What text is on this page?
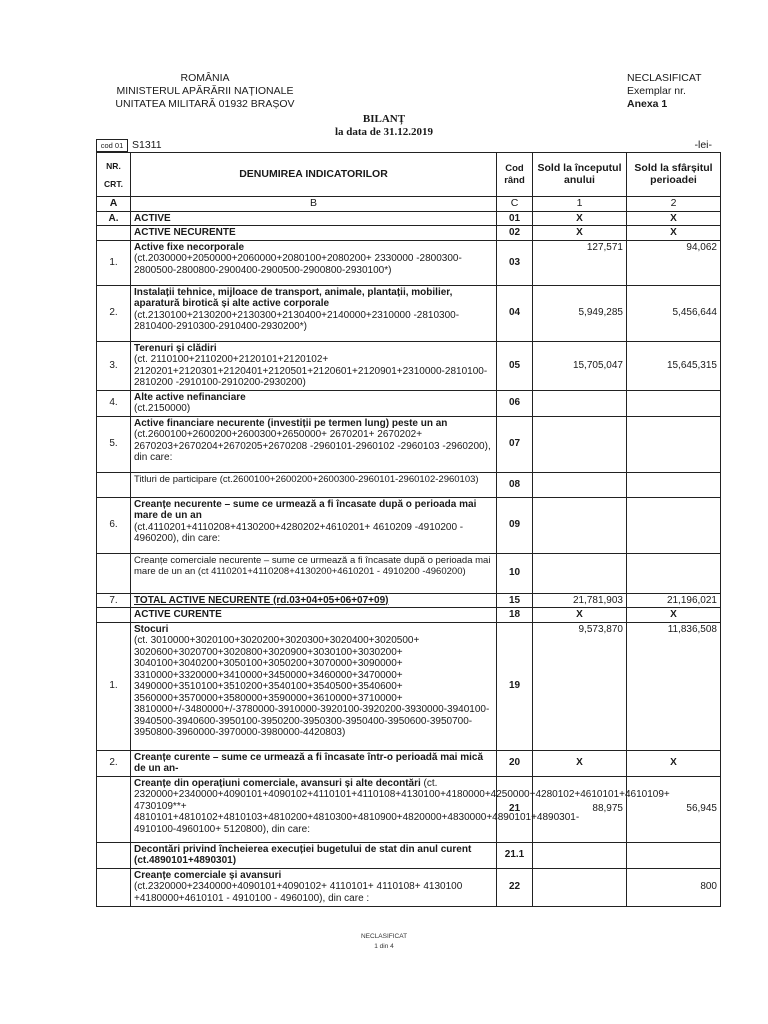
ROMÂNIA
MINISTERUL APĂRĂRII NAȚIONALE
UNITATEA MILITARĂ 01932 BRAȘOV
NECLASIFICAT
Exemplar nr.
Anexa 1
BILANȚ
la data de 31.12.2019
cod 01 S1311	-lei-
NR.
CRT.	DENUMIREA INDICATORILOR	Cod rând	Sold la începutul anului	Sold la sfârșitul perioadei
A	B	C	1	2
A.	ACTIVE	01	X	X
	ACTIVE NECURENTE	02	X	X
1.	Active fixe necorporale
(ct.2030000+2050000+2060000+2080100+2080200+ 2330000 -2800300-2800500-2800800-2900400-2900500-2900800-2930100*)	03	127,571	94,062
2.	Instalații tehnice, mijloace de transport, animale, plantații, mobilier, aparatură birotică și alte active corporale
(ct.2130100+2130200+2130300+2130400+2140000+2310000 -2810300-2810400-2910300-2910400-2930200*)	04	5,949,285	5,456,644
3.	Terenuri și clădiri
(ct. 2110100+2110200+2120101+2120102+ 2120201+2120301+2120401+2120501+2120601+2120901+2310000-2810100-2810200 -2910100-2910200-2930200)	05	15,705,047	15,645,315
4.	Alte active nefinanciare
(ct.2150000)	06		
5.	Active financiare necurente (investiții pe termen lung) peste un an
(ct.2600100+2600200+2600300+2650000+ 2670201+ 2670202+ 2670203+2670204+2670205+2670208 -2960101-2960102 -2960103 -2960200), din care:	07		
	Titluri de participare (ct.2600100+2600200+2600300-2960101-2960102-2960103)	08		
6.	Creanțe necurente – sume ce urmează a fi încasate după o perioada mai mare de un an
(ct.4110201+4110208+4130200+4280202+4610201+ 4610209 -4910200 - 4960200), din care:	09		
	Creanțe comerciale necurente – sume ce urmează a fi încasate după o perioada mai mare de un an (ct 4110201+4110208+4130200+4610201 - 4910200 -4960200)	10		
7.	TOTAL ACTIVE NECURENTE (rd.03+04+05+06+07+09)	15	21,781,903	21,196,021
	ACTIVE CURENTE	18	X	X
1.	Stocuri
(ct. 3010000+3020100+3020200+3020300+3020400+3020500+ 3020600+3020700+3020800+3020900+3030100+3030200+ 3040100+3040200+3050100+3050200+3070000+3090000+ 3310000+3320000+3410000+3450000+3460000+3470000+ 3490000+3510100+3510200+3540100+3540500+3540600+ 3560000+3570000+3580000+3590000+3610000+3710000+ 3810000+/-3480000+/-3780000-3910000-3920100-3920200-3930000-3940100-3940500-3940600-3950100-3950200-3950300-3950400-3950600-3950700-3950800-3960000-3970000-3980000-4420803)	19	9,573,870	11,836,508
2.	Creanțe curente – sume ce urmează a fi încasate într-o perioadă mai mică de un an-	20	X	X
	Creanțe din operațiuni comerciale, avansuri și alte decontări (ct. 2320000+2340000+4090101+4090102+4110101+4110108+4130100+4180000+4250000+4280102+4610101+4610109+ 4730109**+ 4810101+4810102+4810103+4810200+4810300+4810900+4820000+4830000+4890101+4890301-4910100-4960100+ 5120800), din care:	21	88,975	56,945
	Decontări privind încheierea execuției bugetului de stat din anul curent (ct.4890101+4890301)	21.1		

	Creanțe comerciale și avansuri
(ct.2320000+2340000+4090101+4090102+ 4110101+ 4110108+ 4130100 +4180000+4610101 - 4910100 - 4960100), din care :	22		800
NECLASIFICAT
1 din 4
